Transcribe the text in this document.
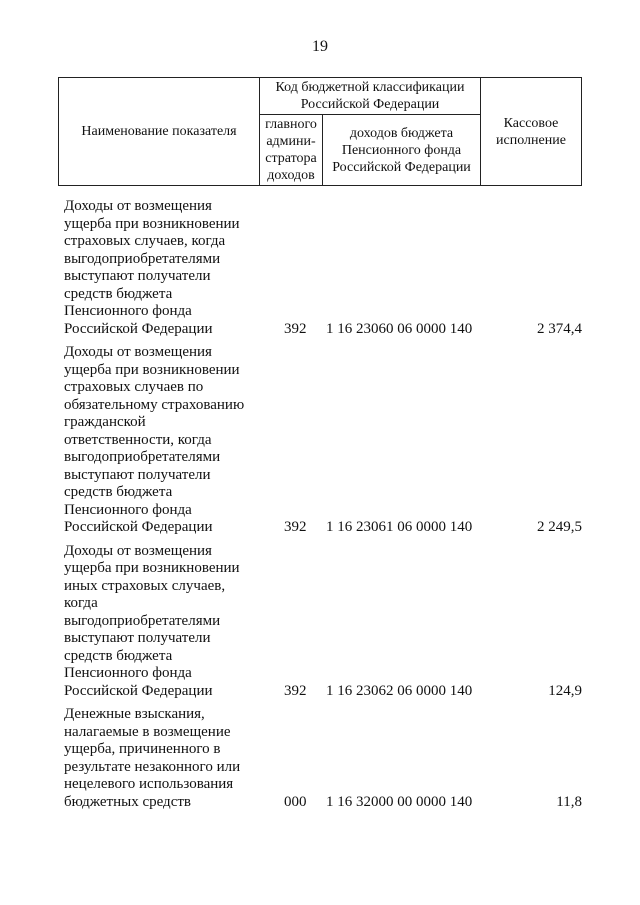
19
Наименование показателя	Код бюджетной классификации Российской Федерации		Кассовое исполнение
	главного админи-стратора доходов	доходов бюджета Пенсионного фонда Российской Федерации	
Доходы от возмещения
ущерба при возникновении
страховых случаев, когда
выгодоприобретателями
выступают получатели
средств бюджета
Пенсионного фонда
Российской Федерации	392	1 16 23060 06 0000 140	2 374,4
Доходы от возмещения
ущерба при возникновении
страховых случаев по
обязательному страхованию
гражданской
ответственности, когда
выгодоприобретателями
выступают получатели
средств бюджета
Пенсионного фонда
Российской Федерации	392	1 16 23061 06 0000 140	2 249,5
Доходы от возмещения
ущерба при возникновении
иных страховых случаев,
когда
выгодоприобретателями
выступают получатели
средств бюджета
Пенсионного фонда
Российской Федерации	392	1 16 23062 06 0000 140	124,9
Денежные взыскания,
налагаемые в возмещение
ущерба, причиненного в
результате незаконного или
нецелевого использования
бюджетных средств	000	1 16 32000 00 0000 140	11,8
